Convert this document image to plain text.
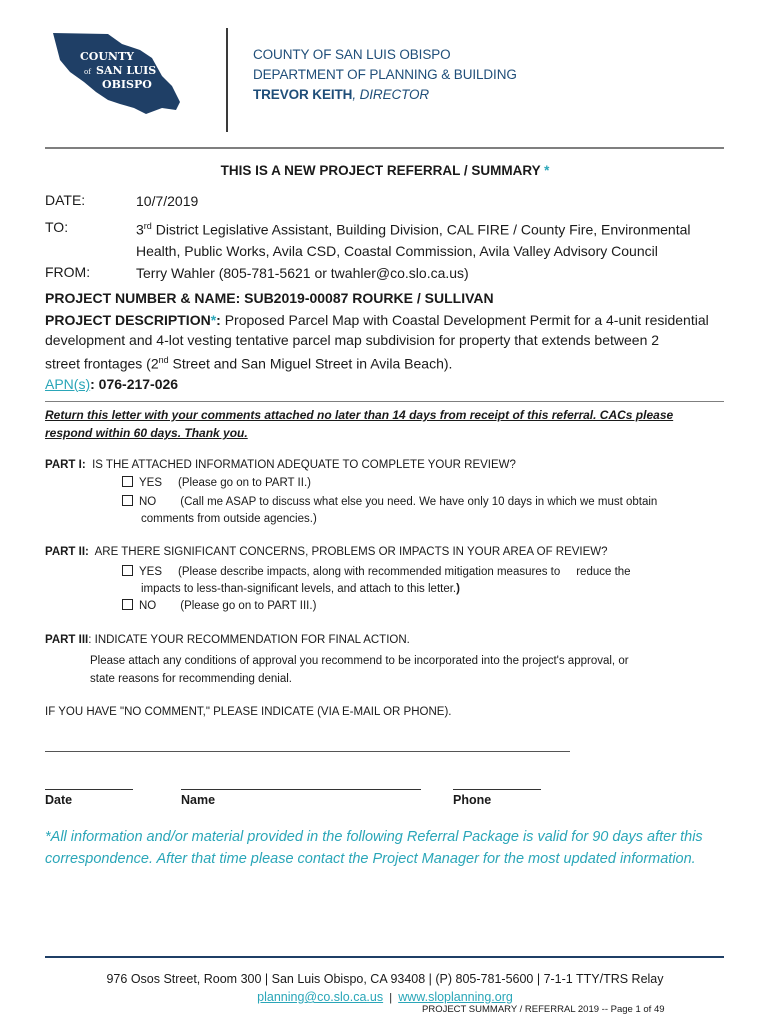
COUNTY
of SAN LUIS
OBISPO
COUNTY OF SAN LUIS OBISPO
DEPARTMENT OF PLANNING & BUILDING
TREVOR KEITH, DIRECTOR
THIS IS A NEW PROJECT REFERRAL / SUMMARY *
DATE:	10/7/2019
TO:	3rd District Legislative Assistant, Building Division, CAL FIRE / County Fire, Environmental
Health, Public Works, Avila CSD, Coastal Commission, Avila Valley Advisory Council
FROM:	Terry Wahler (805-781-5621 or twahler@co.slo.ca.us)
PROJECT NUMBER & NAME: SUB2019-00087 ROURKE / SULLIVAN
PROJECT DESCRIPTION*: Proposed Parcel Map with Coastal Development Permit for a 4-unit residential
development and 4-lot vesting tentative parcel map subdivision for property that extends between 2
street frontages (2nd Street and San Miguel Street in Avila Beach).
APN(s): 076-217-026
Return this letter with your comments attached no later than 14 days from receipt of this referral. CACs please
respond within 60 days. Thank you.
PART I: IS THE ATTACHED INFORMATION ADEQUATE TO COMPLETE YOUR REVIEW?
YES (Please go on to PART II.)
NO (Call me ASAP to discuss what else you need. We have only 10 days in which we must obtain
comments from outside agencies.)
PART II: ARE THERE SIGNIFICANT CONCERNS, PROBLEMS OR IMPACTS IN YOUR AREA OF REVIEW?
YES (Please describe impacts, along with recommended mitigation measures to     reduce the
impacts to less-than-significant levels, and attach to this letter.)
NO (Please go on to PART III.)
PART III: INDICATE YOUR RECOMMENDATION FOR FINAL ACTION.
Please attach any conditions of approval you recommend to be incorporated into the project's approval, or
state reasons for recommending denial.
IF YOU HAVE "NO COMMENT," PLEASE INDICATE (VIA E-MAIL OR PHONE).
Date	Name	Phone
*All information and/or material provided in the following Referral Package is valid for 90 days after this
correspondence. After that time please contact the Project Manager for the most updated information.
976 Osos Street, Room 300 | San Luis Obispo, CA 93408 | (P) 805-781-5600 | 7-1-1 TTY/TRS Relay
planning@co.slo.ca.us  |  www.sloplanning.org
PROJECT SUMMARY / REFERRAL 2019 -- Page 1 of 49
